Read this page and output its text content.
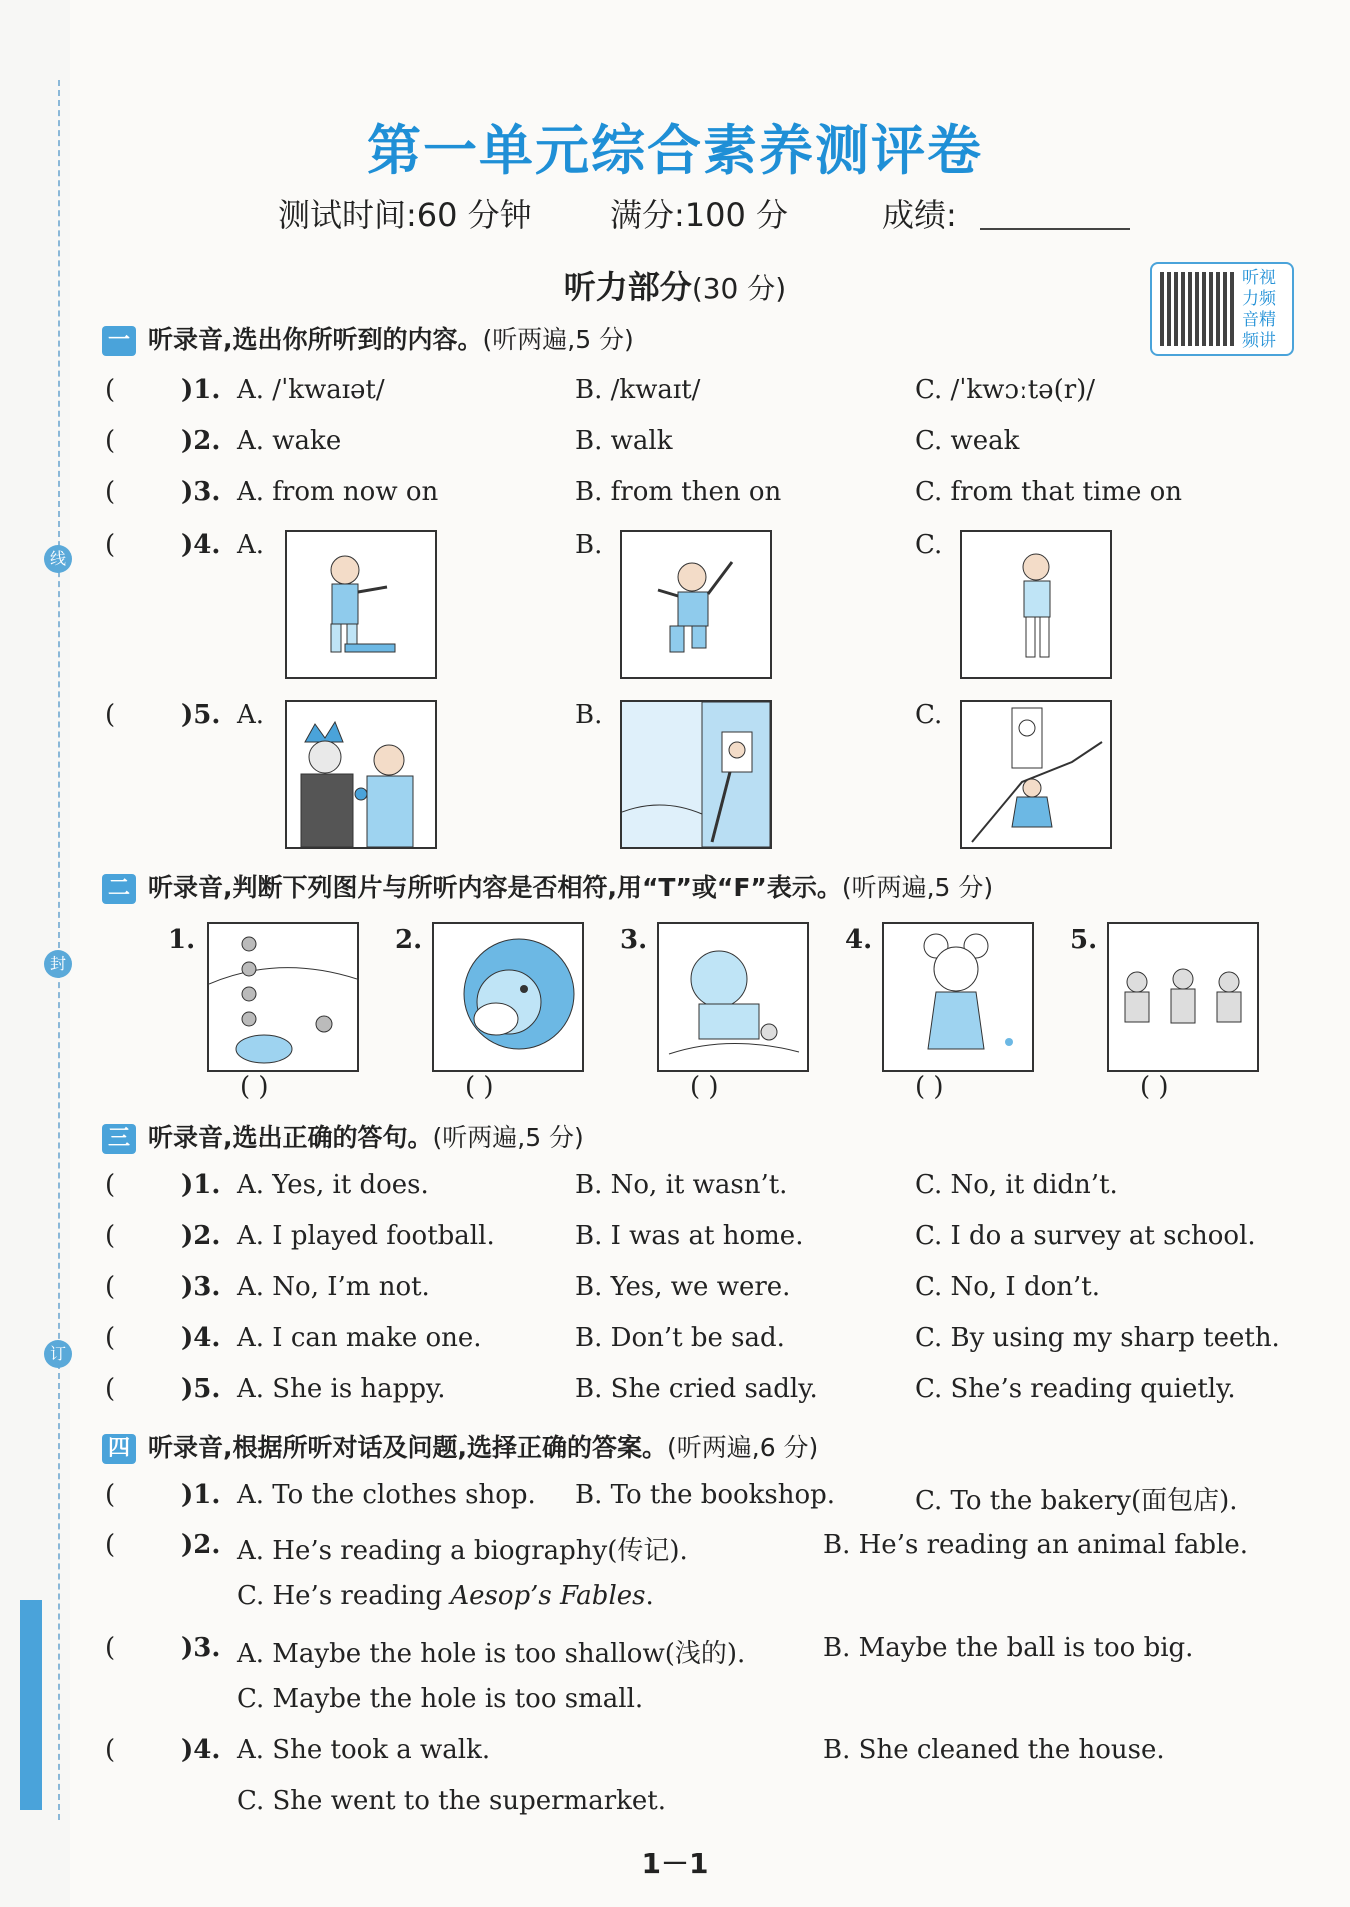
线
封
订
第一单元综合素养测评卷
测试时间:60 分钟 满分:100 分	成绩:
听力部分(30 分)	听视力频音精频讲
一 听录音,选出你所听到的内容。(听两遍,5 分)
(	)1. A. /ˈkwaɪət/	B. /kwaɪt/	C. /ˈkwɔːtə(r)/
(	)2. A. wake	B. walk	C. weak
(	)3. A. from now on	B. from then on	C. from that time on
(	)4. A.	B.	C.
(	)5. A.	B.	C.
二 听录音,判断下列图片与所听内容是否相符,用“T”或“F”表示。(听两遍,5 分)
1.
( )
2.
( )
3.
( )
4.
( )
5.
( )
三 听录音,选出正确的答句。(听两遍,5 分)
(	)1. A. Yes, it does.	B. No, it wasn’t.	C. No, it didn’t.
(	)2. A. I played football.	B. I was at home.	C. I do a survey at school.
(	)3. A. No, I’m not.	B. Yes, we were.	C. No, I don’t.
(	)4. A. I can make one.	B. Don’t be sad.	C. By using my sharp teeth.
(	)5. A. She is happy.	B. She cried sadly.	C. She’s reading quietly.
四 听录音,根据所听对话及问题,选择正确的答案。(听两遍,6 分)
(	)1. A. To the clothes shop. B. To the bookshop.	C. To the bakery(面包店).
(	)2. A. He’s reading a biography(传记).	B. He’s reading an animal fable.
C. He’s reading Aesop’s Fables.
(	)3. A. Maybe the hole is too shallow(浅的).	B. Maybe the ball is too big.
C. Maybe the hole is too small.
(	)4. A. She took a walk.	B. She cleaned the house.
C. She went to the supermarket.
1－1
